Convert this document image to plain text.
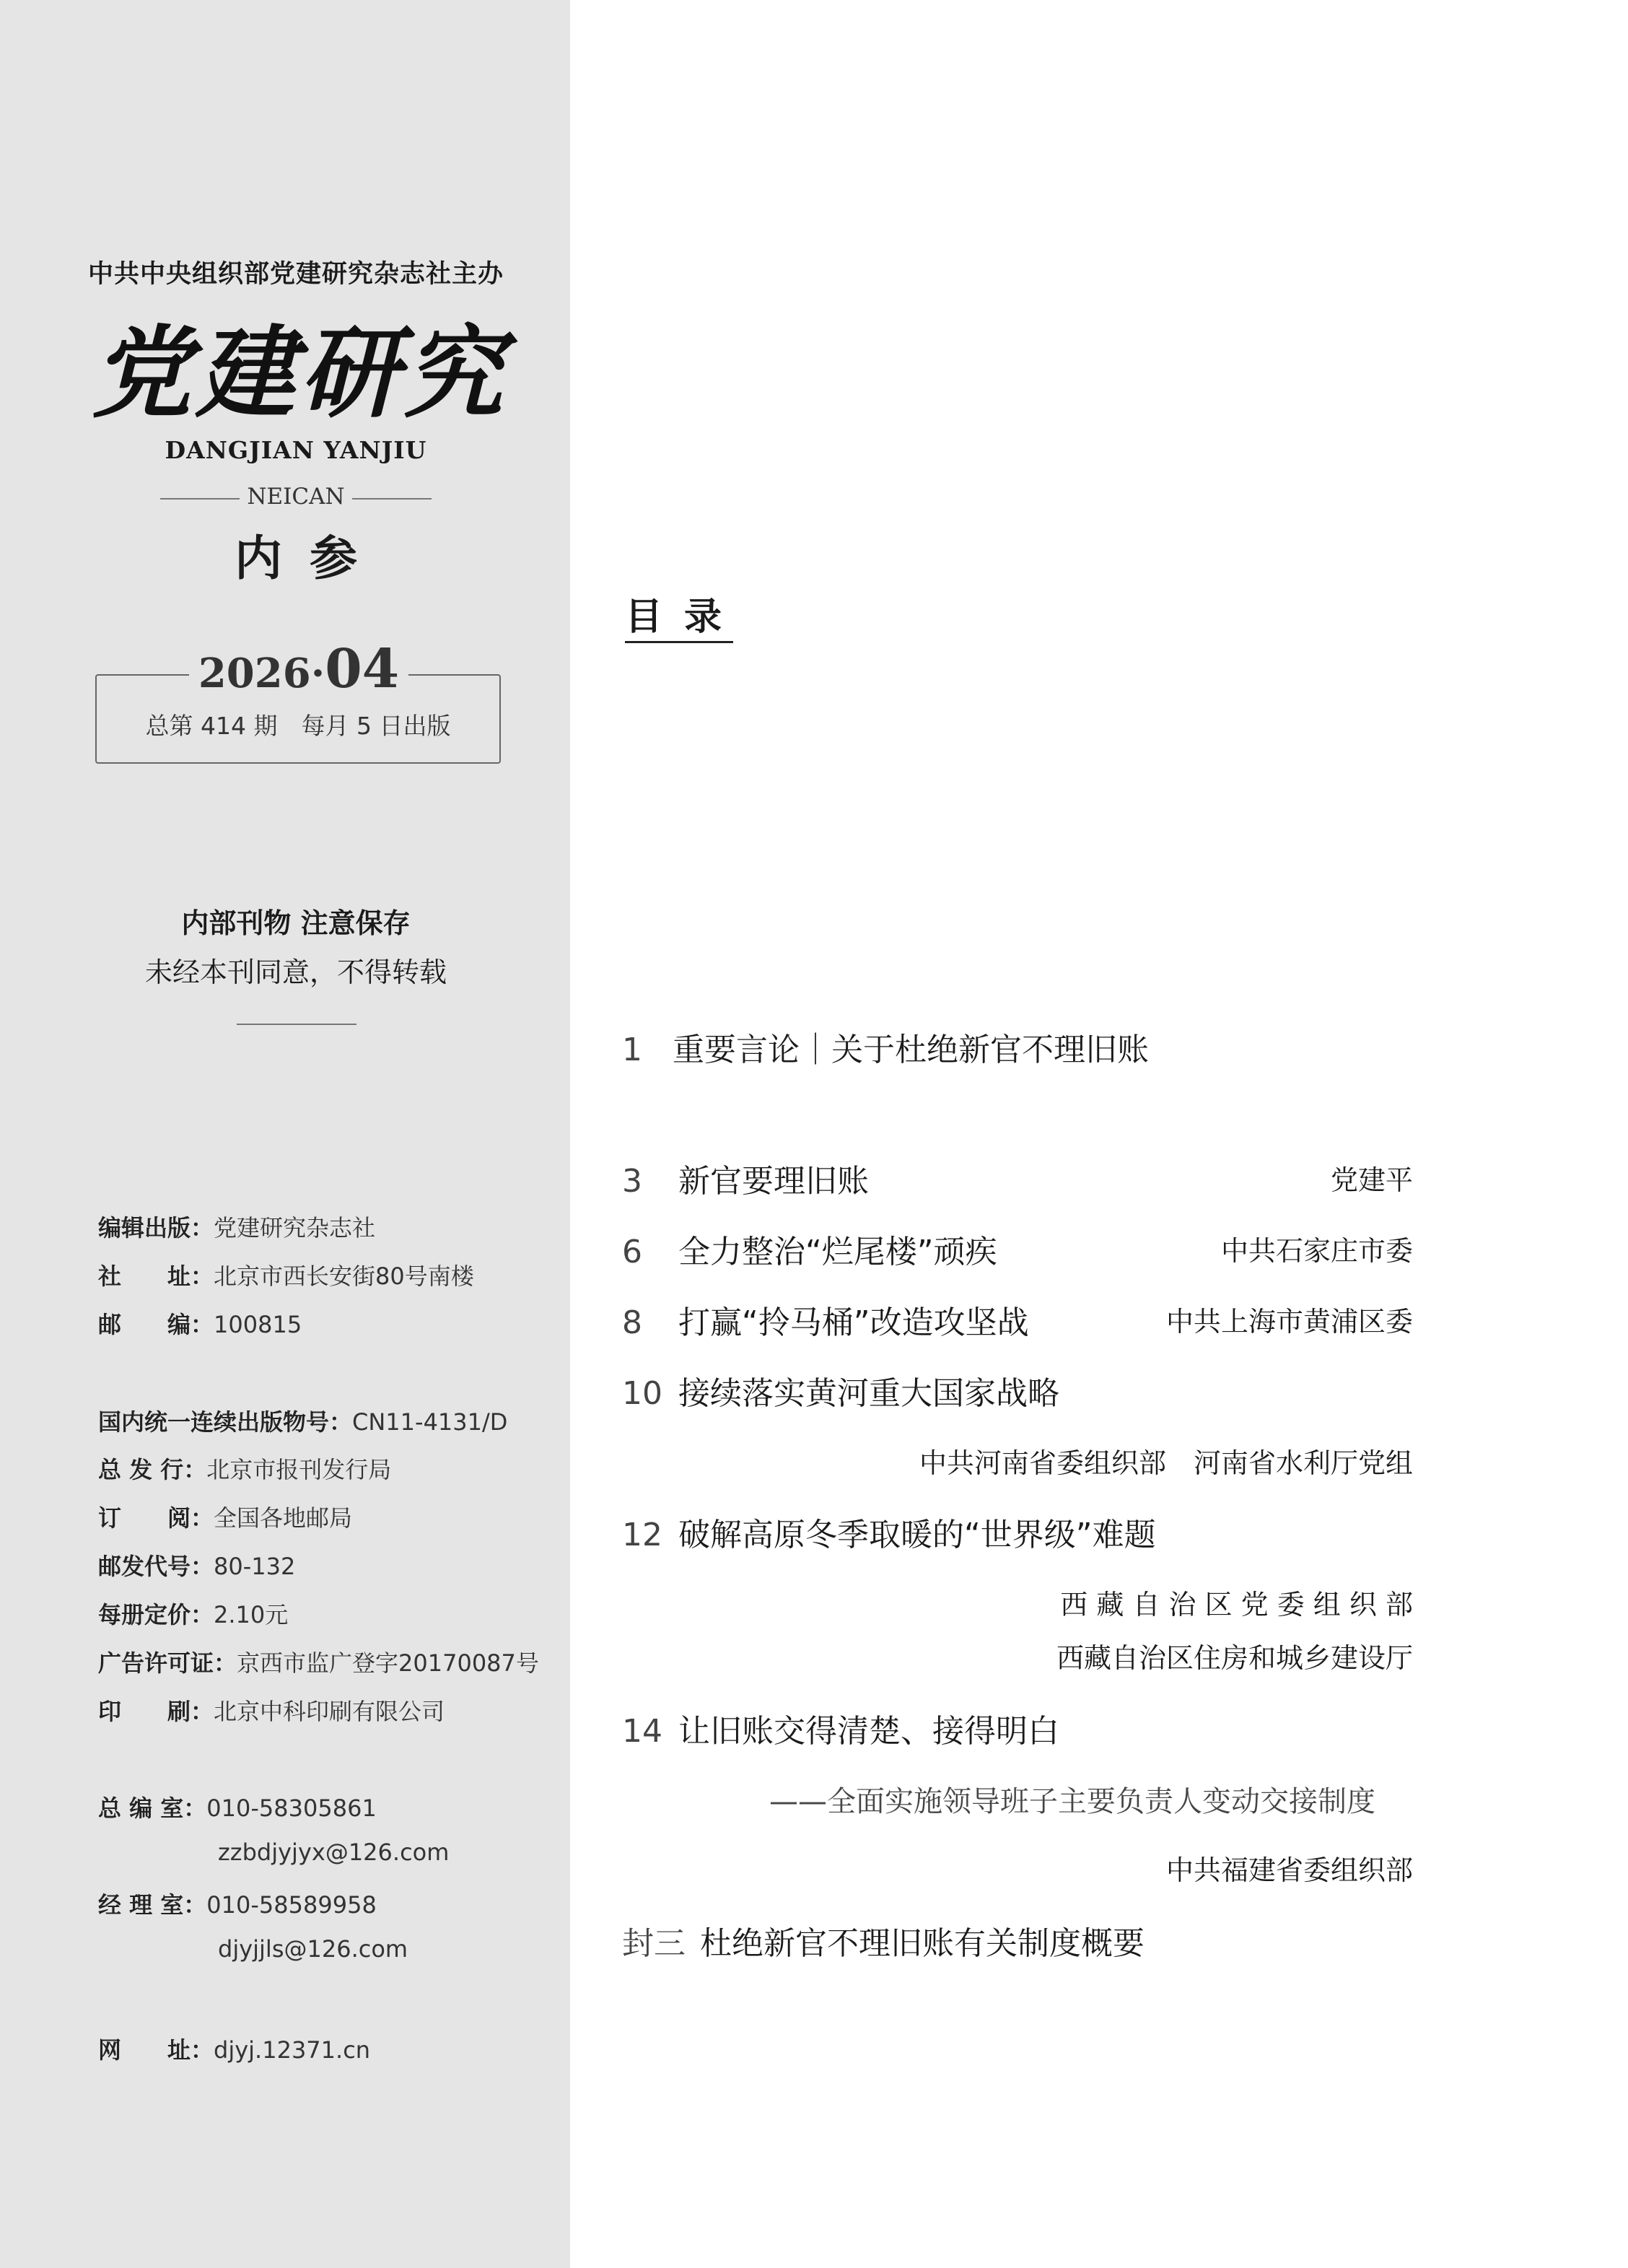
中共中央组织部党建研究杂志社主办
党建研究
DANGJIAN YANJIU
NEICAN
内参
2026·04
总第 414 期　每月 5 日出版
内部刊物 注意保存
未经本刊同意，不得转载
编辑出版：党建研究杂志社
社　　址：北京市西长安街80号南楼
邮　　编：100815
国内统一连续出版物号：CN11-4131/D
总 发 行：北京市报刊发行局
订　　阅：全国各地邮局
邮发代号：80-132
每册定价：2.10元
广告许可证：京西市监广登字20170087号
印　　刷：北京中科印刷有限公司
总 编 室：010-58305861
zzbdjyjyx@126.com
经 理 室：010-58589958
djyjjls@126.com
网　　址：djyj.12371.cn
目录
1 重要言论｜关于杜绝新官不理旧账
3 新官要理旧账	党建平
6 全力整治“烂尾楼”顽疾	中共石家庄市委
8 打赢“拎马桶”改造攻坚战	中共上海市黄浦区委
10 接续落实黄河重大国家战略
中共河南省委组织部　河南省水利厅党组
12 破解高原冬季取暖的“世界级”难题
西 藏 自 治 区 党 委 组 织 部
西藏自治区住房和城乡建设厅
14 让旧账交得清楚、接得明白
——全面实施领导班子主要负责人变动交接制度
中共福建省委组织部
封三 杜绝新官不理旧账有关制度概要
